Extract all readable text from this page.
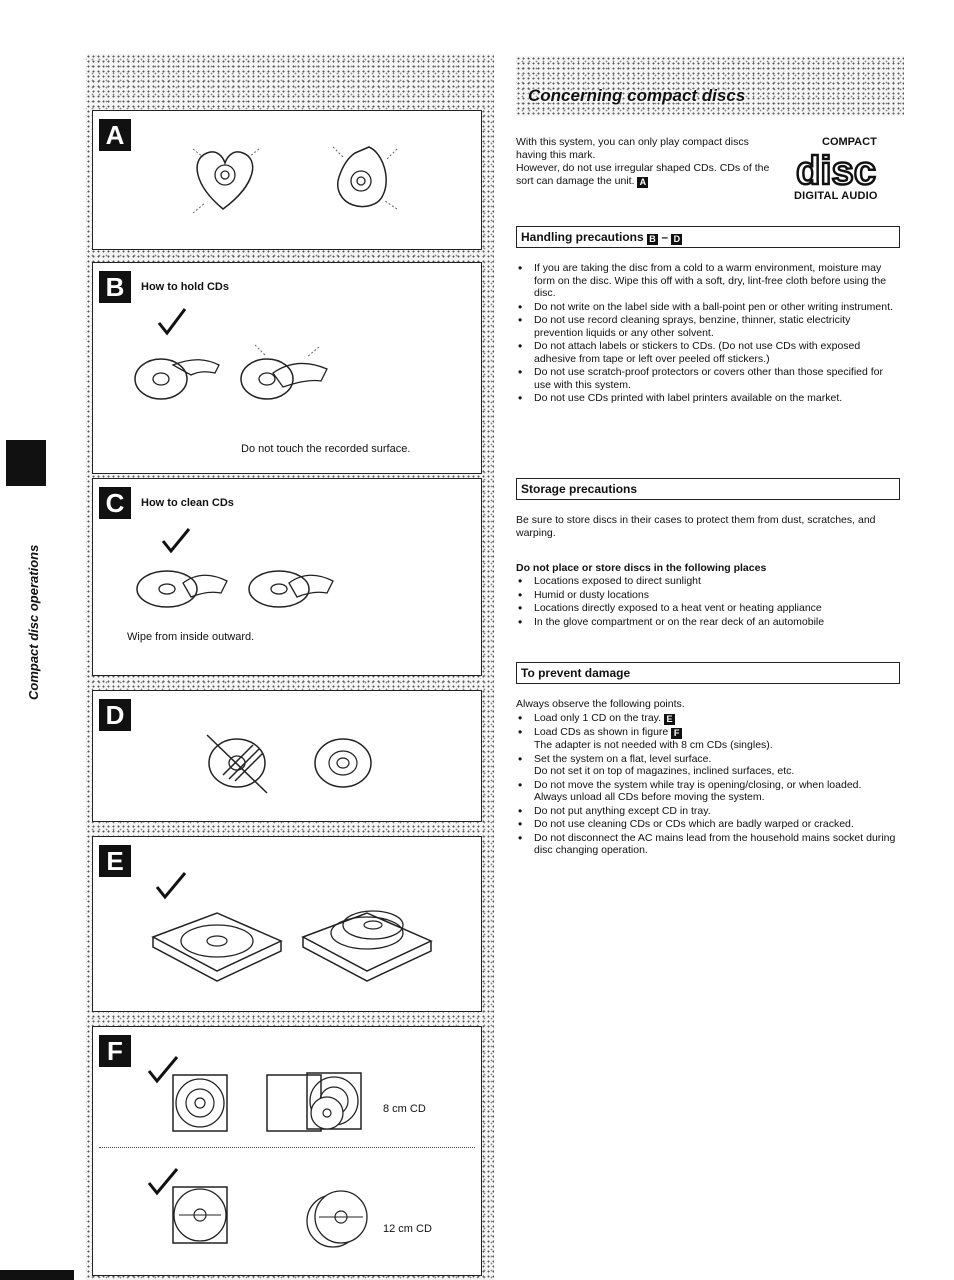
Compact disc operations
A
B	How to hold CDs
Do not touch the recorded surface.
C	How to clean CDs
Wipe from inside outward.
D
E
F
8 cm CD
12 cm CD
Concerning compact discs
With this system, you can only play compact discs having this mark.
However, do not use irregular shaped CDs. CDs of the sort can damage the unit. A
COMPACT
disc
DIGITAL AUDIO
Handling precautions B – D
• If you are taking the disc from a cold to a warm environment, moisture may form on the disc. Wipe this off with a soft, dry, lint-free cloth before using the disc.
• Do not write on the label side with a ball-point pen or other writing instrument.
• Do not use record cleaning sprays, benzine, thinner, static electricity prevention liquids or any other solvent.
• Do not attach labels or stickers to CDs. (Do not use CDs with exposed adhesive from tape or left over peeled off stickers.)
• Do not use scratch-proof protectors or covers other than those specified for use with this system.
• Do not use CDs printed with label printers available on the market.
Storage precautions
Be sure to store discs in their cases to protect them from dust, scratches, and warping.
Do not place or store discs in the following places
• Locations exposed to direct sunlight
• Humid or dusty locations
• Locations directly exposed to a heat vent or heating appliance
• In the glove compartment or on the rear deck of an automobile
To prevent damage
Always observe the following points.
• Load only 1 CD on the tray. E
• Load CDs as shown in figure F
The adapter is not needed with 8 cm CDs (singles).
• Set the system on a flat, level surface.
Do not set it on top of magazines, inclined surfaces, etc.
• Do not move the system while tray is opening/closing, or when loaded.
Always unload all CDs before moving the system.
• Do not put anything except CD in tray.
• Do not use cleaning CDs or CDs which are badly warped or cracked.
• Do not disconnect the AC mains lead from the household mains socket during disc changing operation.
